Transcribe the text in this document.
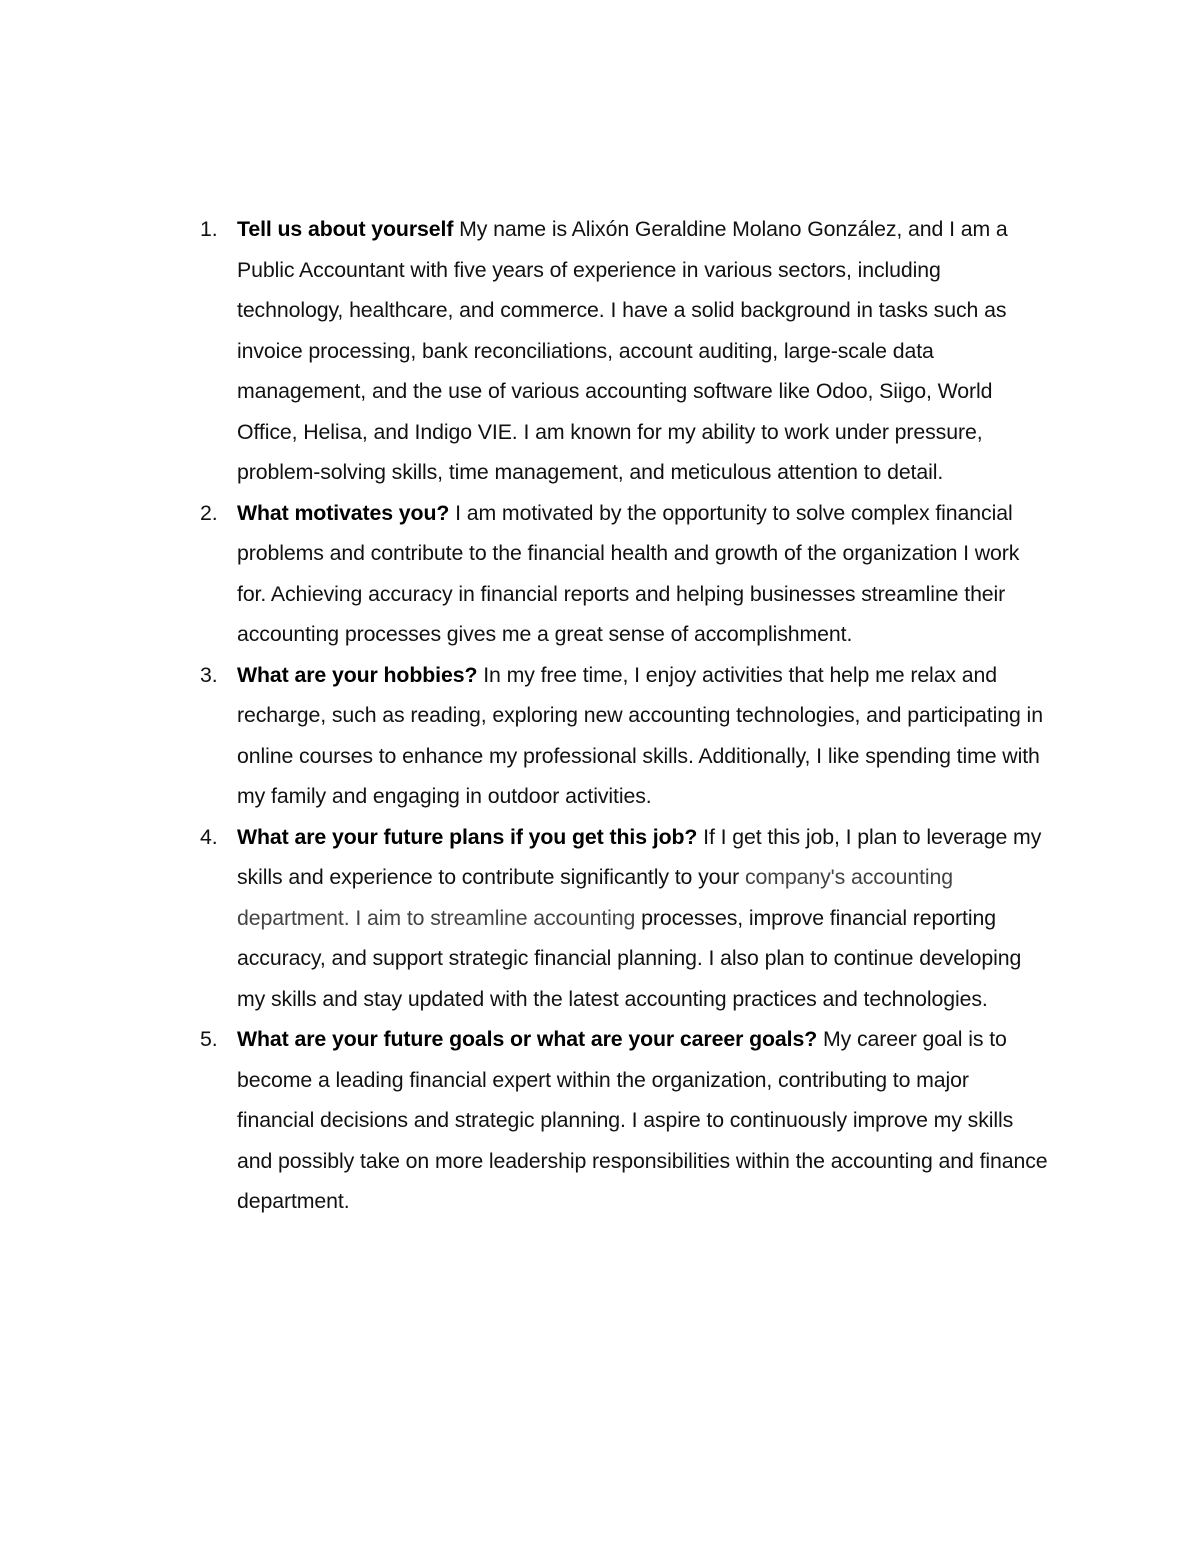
1. Tell us about yourself My name is Alixón Geraldine Molano González, and I am a Public Accountant with five years of experience in various sectors, including technology, healthcare, and commerce. I have a solid background in tasks such as invoice processing, bank reconciliations, account auditing, large-scale data management, and the use of various accounting software like Odoo, Siigo, World Office, Helisa, and Indigo VIE. I am known for my ability to work under pressure, problem-solving skills, time management, and meticulous attention to detail.
2. What motivates you? I am motivated by the opportunity to solve complex financial problems and contribute to the financial health and growth of the organization I work for. Achieving accuracy in financial reports and helping businesses streamline their accounting processes gives me a great sense of accomplishment.
3. What are your hobbies? In my free time, I enjoy activities that help me relax and recharge, such as reading, exploring new accounting technologies, and participating in online courses to enhance my professional skills. Additionally, I like spending time with my family and engaging in outdoor activities.
4. What are your future plans if you get this job? If I get this job, I plan to leverage my skills and experience to contribute significantly to your company's accounting department. I aim to streamline accounting processes, improve financial reporting accuracy, and support strategic financial planning. I also plan to continue developing my skills and stay updated with the latest accounting practices and technologies.
5. What are your future goals or what are your career goals? My career goal is to become a leading financial expert within the organization, contributing to major financial decisions and strategic planning. I aspire to continuously improve my skills and possibly take on more leadership responsibilities within the accounting and finance department.
